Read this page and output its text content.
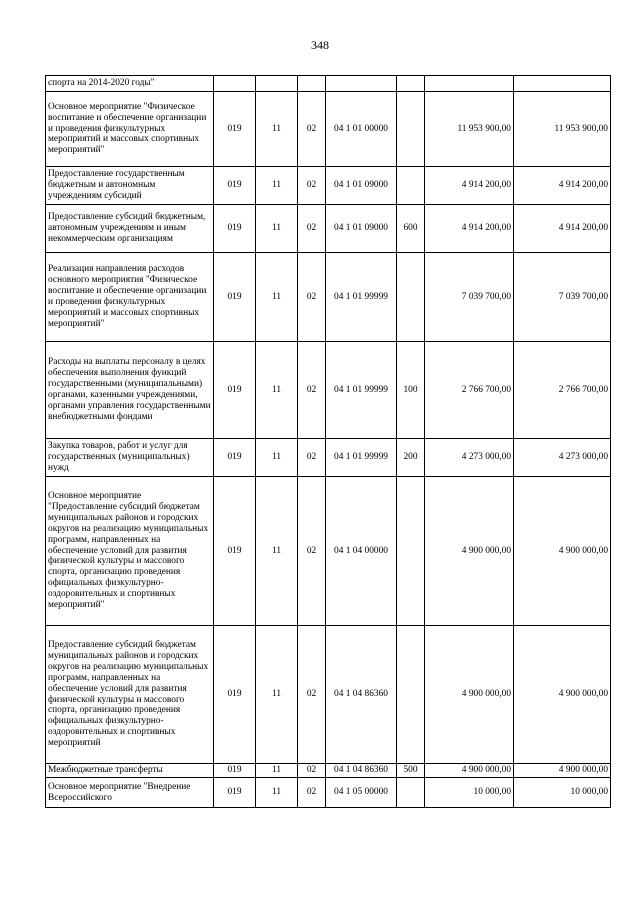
348
спорта на 2014-2020 годы"							
Основное мероприятие "Физическое воспитание и обеспечение организации и проведения физкультурных мероприятий и массовых спортивных мероприятий"	019	11	02	04 1 01 00000		11 953 900,00	11 953 900,00
Предоставление государственным бюджетным и автономным учреждениям субсидий	019	11	02	04 1 01 09000		4 914 200,00	4 914 200,00
Предоставление субсидий бюджетным, автономным учреждениям и иным некоммерческим организациям	019	11	02	04 1 01 09000	600	4 914 200,00	4 914 200,00
Реализация направления расходов основного мероприятия "Физическое воспитание и обеспечение организации и проведения физкультурных мероприятий и массовых спортивных мероприятий"	019	11	02	04 1 01 99999		7 039 700,00	7 039 700,00
Расходы на выплаты персоналу в целях обеспечения выполнения функций государственными (муниципальными) органами, казенными учреждениями, органами управления государственными внебюджетными фондами	019	11	02	04 1 01 99999	100	2 766 700,00	2 766 700,00
Закупка товаров, работ и услуг для государственных (муниципальных) нужд	019	11	02	04 1 01 99999	200	4 273 000,00	4 273 000,00
Основное мероприятие "Предоставление субсидий бюджетам муниципальных районов и городских округов на реализацию муниципальных программ, направленных на обеспечение условий для развития физической культуры и массового спорта, организацию проведения официальных физкультурно-оздоровительных и спортивных мероприятий"	019	11	02	04 1 04 00000		4 900 000,00	4 900 000,00
Предоставление субсидий бюджетам муниципальных районов и городских округов на реализацию муниципальных программ, направленных на обеспечение условий для развития физической культуры и массового спорта, организацию проведения официальных физкультурно-оздоровительных и спортивных мероприятий	019	11	02	04 1 04 86360		4 900 000,00	4 900 000,00
Межбюджетные трансферты	019	11	02	04 1 04 86360	500	4 900 000,00	4 900 000,00
Основное мероприятие "Внедрение Всероссийского	019	11	02	04 1 05 00000		10 000,00	10 000,00
